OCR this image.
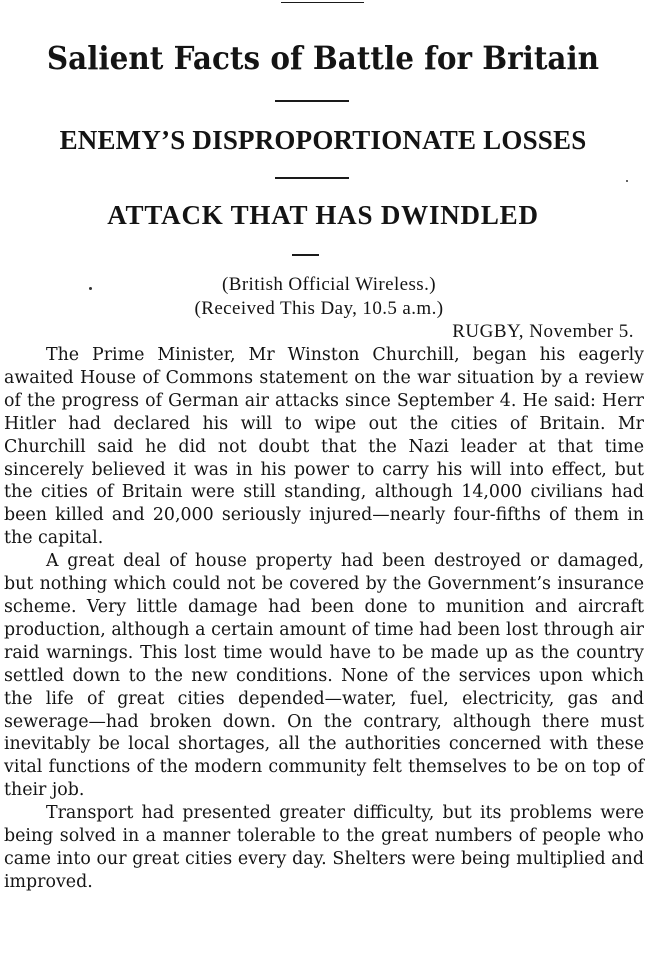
Salient Facts of Battle for Britain
ENEMY’S DISPROPORTIONATE LOSSES
ATTACK THAT HAS DWINDLED

(British Official Wireless.)

(Received This Day, 10.5 a.m.)

RUGBY, November 5.

The Prime Minister, Mr Winston Churchill, began his eagerly awaited House of Commons statement on the war situation by a review of the progress of German air attacks since September 4. He said: Herr Hitler had declared his will to wipe out the cities of Britain. Mr Churchill said he did not doubt that the Nazi leader at that time sincerely believed it was in his power to carry his will into effect, but the cities of Britain were still standing, although 14,000 civilians had been killed and 20,000 seriously injured—nearly four-fifths of them in the capital.

A great deal of house property had been destroyed or damaged, but nothing which could not be covered by the Government’s insurance scheme. Very little damage had been done to munition and aircraft production, although a certain amount of time had been lost through air raid warnings. This lost time would have to be made up as the country settled down to the new conditions. None of the services upon which the life of great cities depended—water, fuel, electricity, gas and sewerage—had broken down. On the contrary, although there must inevitably be local shortages, all the authorities concerned with these vital functions of the modern community felt themselves to be on top of their job.

Transport had presented greater difficulty, but its problems were being solved in a manner tolerable to the great numbers of people who came into our great cities every day. Shelters were being multiplied and improved.
